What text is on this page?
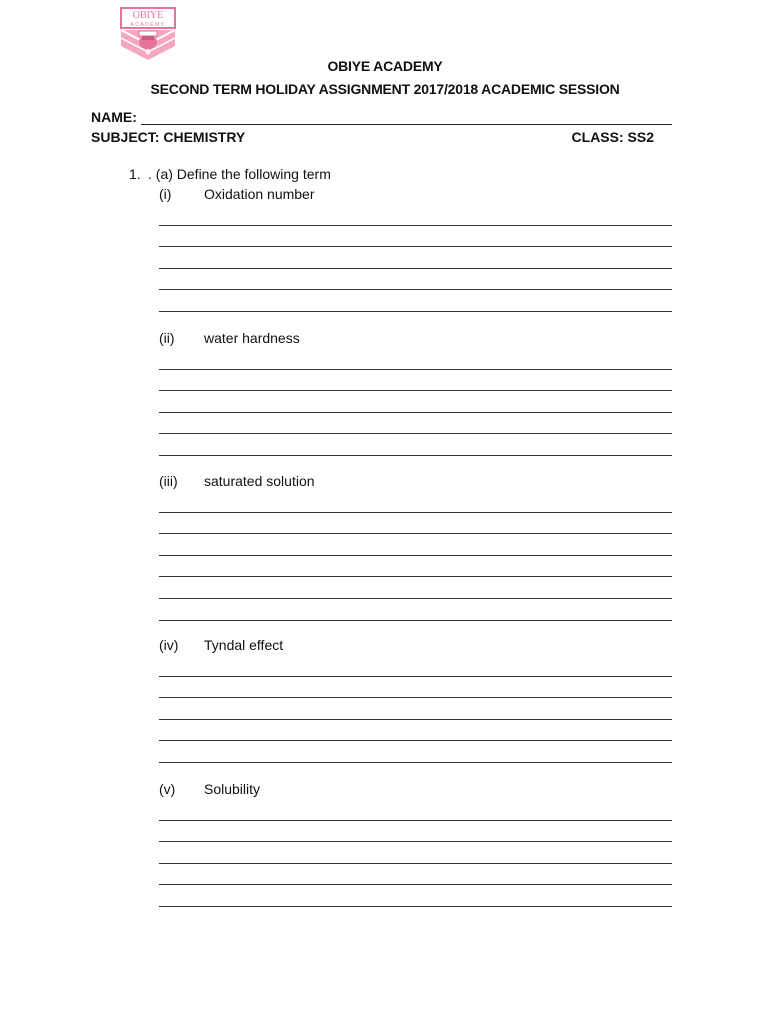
OBIYE
ACADEMY
OBIYE ACADEMY
SECOND TERM HOLIDAY ASSIGNMENT 2017/2018 ACADEMIC SESSION
NAME:
SUBJECT: CHEMISTRY	CLASS: SS2
1. . (a) Define the following term
(i) Oxidation number
(ii) water hardness
(iii) saturated solution
(iv) Tyndal effect
(v) Solubility
